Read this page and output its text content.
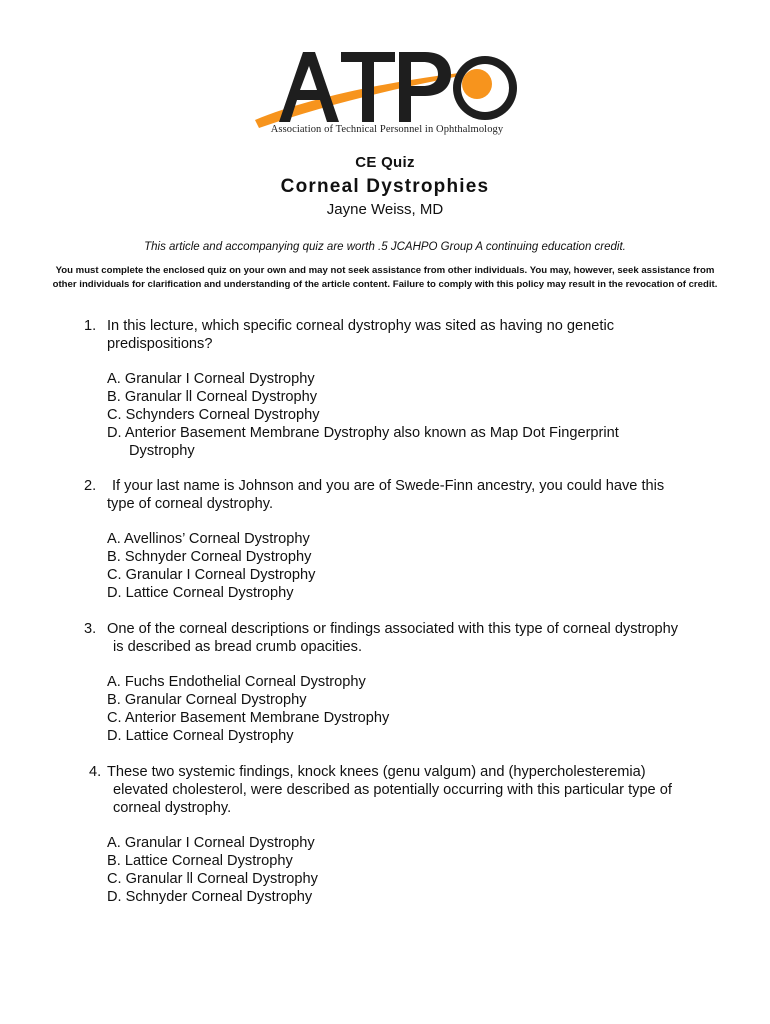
Association of Technical Personnel in Ophthalmology
CE Quiz
Corneal Dystrophies
Jayne Weiss, MD
This article and accompanying quiz are worth .5 JCAHPO Group A continuing education credit.
You must complete the enclosed quiz on your own and may not seek assistance from other individuals. You may, however, seek assistance from
other individuals for clarification and understanding of the article content. Failure to comply with this policy may result in the revocation of credit.
1. In this lecture, which specific corneal dystrophy was sited as having no genetic
predispositions?
A. Granular I Corneal Dystrophy
B. Granular ll Corneal Dystrophy
C. Schynders Corneal Dystrophy
D. Anterior Basement Membrane Dystrophy also known as Map Dot Fingerprint
Dystrophy
2. If your last name is Johnson and you are of Swede-Finn ancestry, you could have this
type of corneal dystrophy.
A. Avellinos’ Corneal Dystrophy
B. Schnyder Corneal Dystrophy
C. Granular I Corneal Dystrophy
D. Lattice Corneal Dystrophy
3. One of the corneal descriptions or findings associated with this type of corneal dystrophy
is described as bread crumb opacities.
A. Fuchs Endothelial Corneal Dystrophy
B. Granular Corneal Dystrophy
C. Anterior Basement Membrane Dystrophy
D. Lattice Corneal Dystrophy
4. These two systemic findings, knock knees (genu valgum) and (hypercholesteremia)
elevated cholesterol, were described as potentially occurring with this particular type of
corneal dystrophy.
A. Granular I Corneal Dystrophy
B. Lattice Corneal Dystrophy
C. Granular ll Corneal Dystrophy
D. Schnyder Corneal Dystrophy
